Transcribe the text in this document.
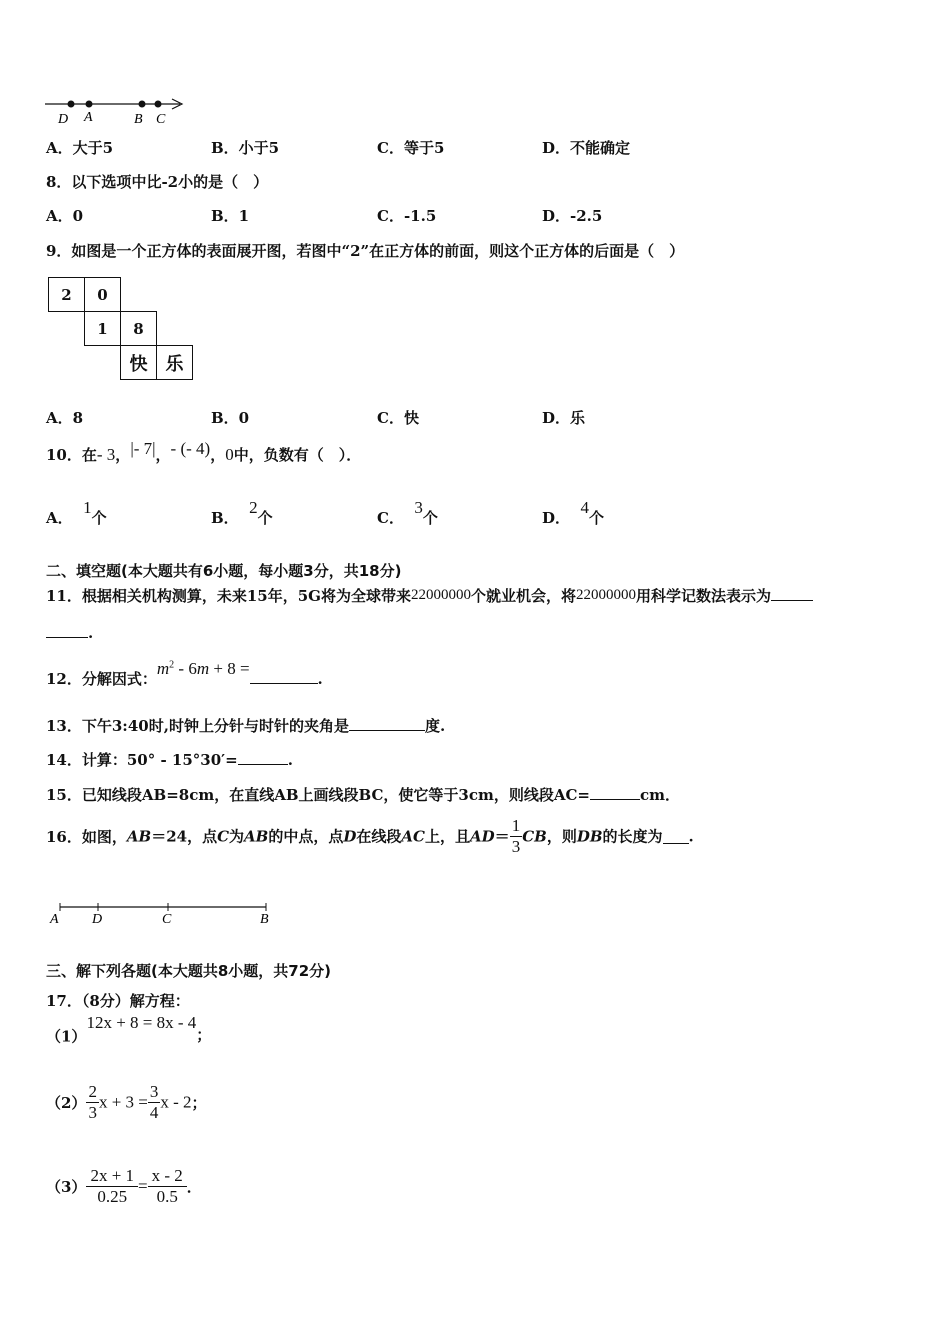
D A	B C
A．大于5	B．小于5	C．等于5	D．不能确定
8．以下选项中比-2小的是（　）
A．0	B．1	C．-1.5	D．-2.5
9．如图是一个正方体的表面展开图，若图中“2”在正方体的前面，则这个正方体的后面是（　）
2	0
1	8
快	乐
A．8	B．0	C．快	D．乐
10．在- 3，|- 7|，- (- 4)，0中，负数有（　）．
A．  1个	B．  2个	C．  3个	D．  4个
二、填空题(本大题共有6小题，每小题3分，共18分)
11．根据相关机构测算，未来15年，5G将为全球带来22000000个就业机会，将22000000用科学记数法表示为
.
12．分解因式：$m^2 - 6m + 8$ =.
13．下午3:40时,时钟上分针与时针的夹角是	度.
14．计算：50° - 15°30′=	.
15．已知线段AB=8cm，在直线AB上画线段BC，使它等于3cm，则线段AC=	cm．
16．如图，AB＝24，点C为AB的中点，点D在线段AC上，且$AD= \frac{1}{3}$ CB，则DB的长度为 .
A D	C	B
三、解下列各题(本大题共8小题，共72分)
17．（8分）解方程：
（1）12x + 8 = 8x - 4；
$(2) \frac{2}{3}$ $x + 3 = \frac{3}{4}$ x - 2；
$(3) \frac{2x + 1}{0.25} = \frac{x - 2}{0.5}$ ．
